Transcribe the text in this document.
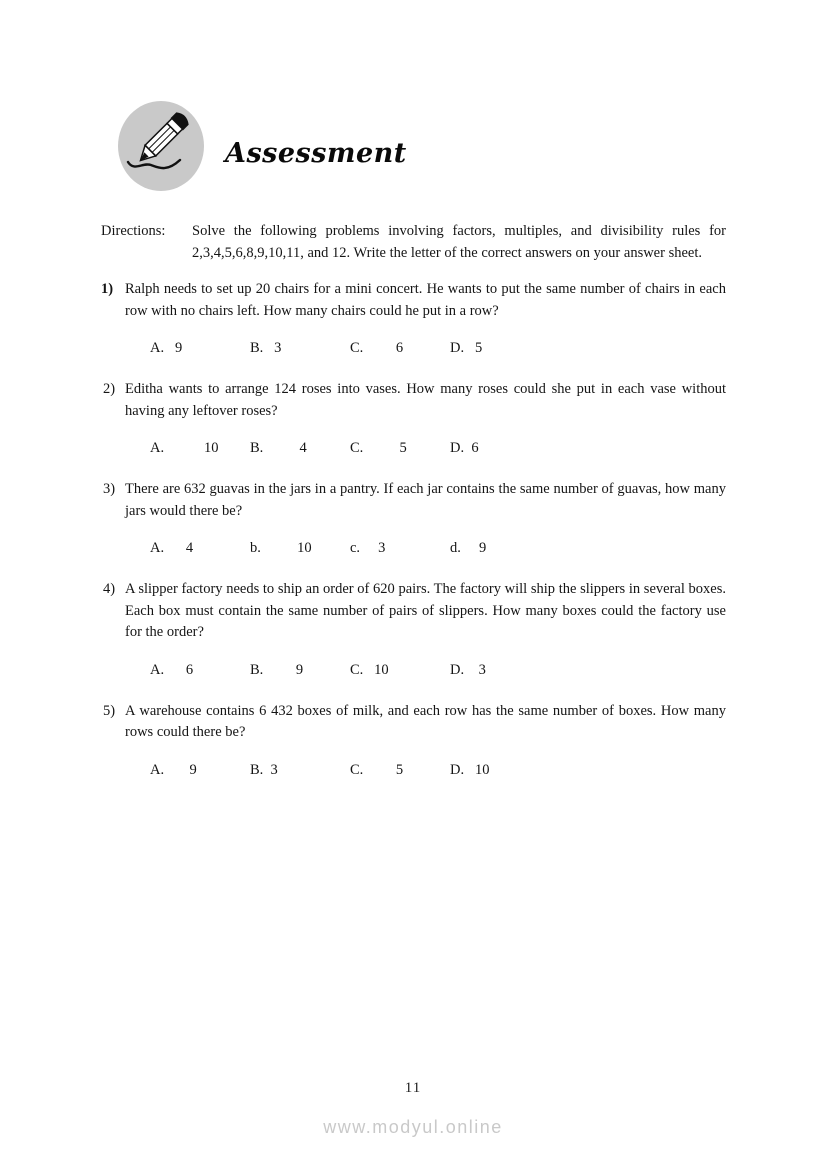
Assessment
Directions:	Solve the following problems involving factors, multiples, and divisibility rules for 2,3,4,5,6,8,9,10,11, and 12. Write the letter of the correct answers on your answer sheet.
1) Ralph needs to set up 20 chairs for a mini concert. He wants to put the same number of chairs in each row with no chairs left. How many chairs could he put in a row?
A.   9	B.   3	C.         6	D.   5
2) Editha wants to arrange 124 roses into vases. How many roses could she put in each vase without having any leftover roses?
A.           10	B.          4	C.          5	D.  6
3) There are 632 guavas in the jars in a pantry. If each jar contains the same number of guavas, how many jars would there be?
A.      4	b.          10	c.     3	d.     9
4) A slipper factory needs to ship an order of 620 pairs. The factory will ship the slippers in several boxes. Each box must contain the same number of pairs of slippers. How many boxes could the factory use for the order?
A.      6	B.         9	C.   10	D.    3
5) A warehouse contains 6 432 boxes of milk, and each row has the same number of boxes. How many rows could there be?
A.       9	B.  3	C.         5	D.   10
11
www.modyul.online
